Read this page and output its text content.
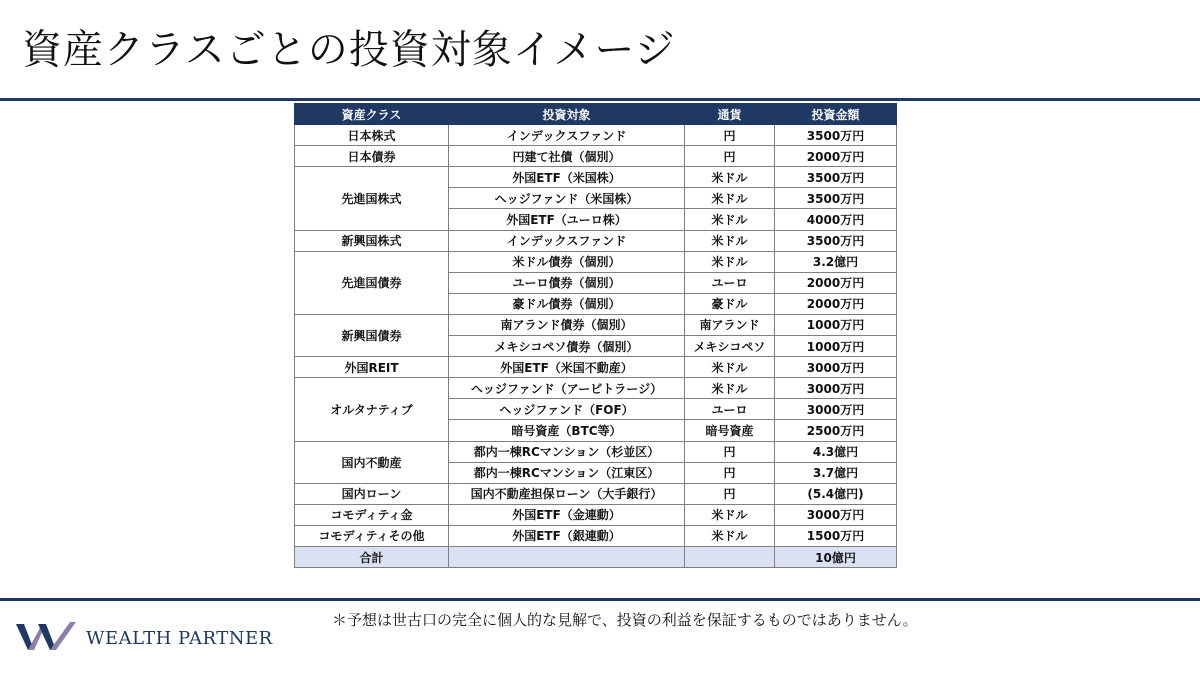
資産クラスごとの投資対象イメージ
資産クラス	投資対象	通貨	投資金額
日本株式	インデックスファンド	円	3500万円
日本債券	円建て社債（個別）	円	2000万円
先進国株式	外国ETF（米国株）	米ドル	3500万円
	ヘッジファンド（米国株）	米ドル	3500万円
	外国ETF（ユーロ株）	米ドル	4000万円
新興国株式	インデックスファンド	米ドル	3500万円
先進国債券	米ドル債券（個別）	米ドル	3.2億円
	ユーロ債券（個別）	ユーロ	2000万円
	豪ドル債券（個別）	豪ドル	2000万円
新興国債券	南アランド債券（個別）	南アランド	1000万円
	メキシコペソ債券（個別）	メキシコペソ	1000万円
外国REIT	外国ETF（米国不動産）	米ドル	3000万円
オルタナティブ	ヘッジファンド（アービトラージ）	米ドル	3000万円
	ヘッジファンド（FOF）	ユーロ	3000万円
	暗号資産（BTC等）	暗号資産	2500万円
国内不動産	都内一棟RCマンション（杉並区）	円	4.3億円
	都内一棟RCマンション（江東区）	円	3.7億円
国内ローン	国内不動産担保ローン（大手銀行）	円	(5.4億円)
コモディティ金	外国ETF（金連動）	米ドル	3000万円
コモディティその他	外国ETF（銀連動）	米ドル	1500万円
合計			10億円
＊予想は世古口の完全に個人的な見解で、投資の利益を保証するものではありません。
WEALTH PARTNER
